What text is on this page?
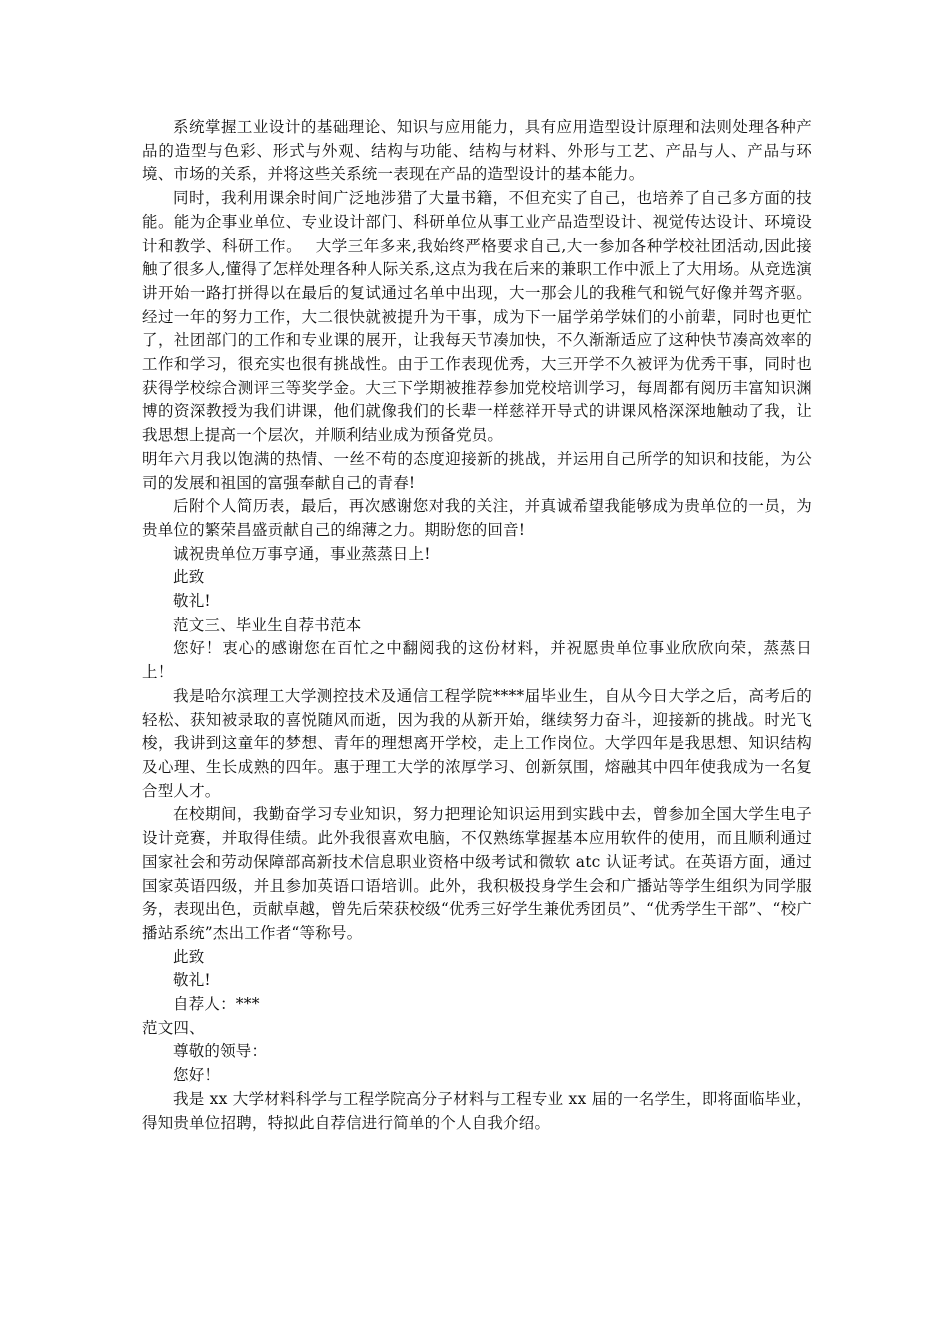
系统掌握工业设计的基础理论、知识与应用能力，具有应用造型设计原理和法则处理各种产品的造型与色彩、形式与外观、结构与功能、结构与材料、外形与工艺、产品与人、产品与环境、市场的关系，并将这些关系统一表现在产品的造型设计的基本能力。

同时，我利用课余时间广泛地涉猎了大量书籍，不但充实了自己，也培养了自己多方面的技能。能为企事业单位、专业设计部门、科研单位从事工业产品造型设计、视觉传达设计、环境设计和教学、科研工作。　 大学三年多来,我始终严格要求自己,大一参加各种学校社团活动,因此接触了很多人,懂得了怎样处理各种人际关系,这点为我在后来的兼职工作中派上了大用场。从竞选演讲开始一路打拼得以在最后的复试通过名单中出现，大一那会儿的我稚气和锐气好像并驾齐驱。经过一年的努力工作，大二很快就被提升为干事，成为下一届学弟学妹们的小前辈，同时也更忙了，社团部门的工作和专业课的展开，让我每天节凑加快，不久渐渐适应了这种快节凑高效率的工作和学习，很充实也很有挑战性。由于工作表现优秀，大三开学不久被评为优秀干事，同时也获得学校综合测评三等奖学金。大三下学期被推荐参加党校培训学习，每周都有阅历丰富知识渊博的资深教授为我们讲课，他们就像我们的长辈一样慈祥开导式的讲课风格深深地触动了我，让我思想上提高一个层次，并顺利结业成为预备党员。

明年六月我以饱满的热情、一丝不苟的态度迎接新的挑战，并运用自己所学的知识和技能，为公司的发展和祖国的富强奉献自己的青春!

后附个人简历表，最后，再次感谢您对我的关注，并真诚希望我能够成为贵单位的一员，为贵单位的繁荣昌盛贡献自己的绵薄之力。期盼您的回音!

诚祝贵单位万事亨通，事业蒸蒸日上!

此致

敬礼!

范文三、毕业生自荐书范本

您好！衷心的感谢您在百忙之中翻阅我的这份材料，并祝愿贵单位事业欣欣向荣，蒸蒸日上！

我是哈尔滨理工大学测控技术及通信工程学院****届毕业生，自从今日大学之后，高考后的轻松、获知被录取的喜悦随风而逝，因为我的从新开始，继续努力奋斗，迎接新的挑战。时光飞梭，我讲到这童年的梦想、青年的理想离开学校，走上工作岗位。大学四年是我思想、知识结构及心理、生长成熟的四年。惠于理工大学的浓厚学习、创新氛围，熔融其中四年使我成为一名复合型人才。

在校期间，我勤奋学习专业知识，努力把理论知识运用到实践中去，曾参加全国大学生电子设计竞赛，并取得佳绩。此外我很喜欢电脑，不仅熟练掌握基本应用软件的使用，而且顺利通过国家社会和劳动保障部高新技术信息职业资格中级考试和微软 atc 认证考试。在英语方面，通过国家英语四级，并且参加英语口语培训。此外，我积极投身学生会和广播站等学生组织为同学服务，表现出色，贡献卓越，曾先后荣获校级“优秀三好学生兼优秀团员”、“优秀学生干部”、“校广播站系统”杰出工作者“等称号。

此致

敬礼!

自荐人：***

范文四、

尊敬的领导：

您好！

我是 xx 大学材料科学与工程学院高分子材料与工程专业 xx 届的一名学生，即将面临毕业，得知贵单位招聘，特拟此自荐信进行简单的个人自我介绍。
